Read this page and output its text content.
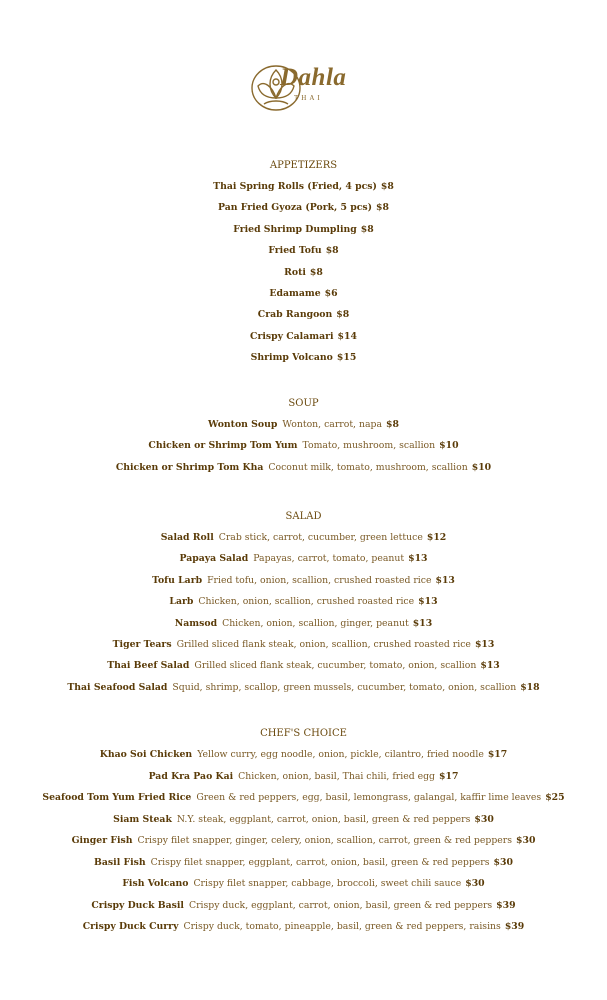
Dahla
THAI
APPETIZERS
Thai Spring Rolls (Fried, 4 pcs) $8
Pan Fried Gyoza (Pork, 5 pcs) $8
Fried Shrimp Dumpling $8
Fried Tofu $8
Roti $8
Edamame $6
Crab Rangoon $8
Crispy Calamari $14
Shrimp Volcano $15
SOUP
Wonton Soup Wonton, carrot, napa $8
Chicken or Shrimp Tom Yum Tomato, mushroom, scallion $10
Chicken or Shrimp Tom Kha Coconut milk, tomato, mushroom, scallion $10
SALAD
Salad Roll Crab stick, carrot, cucumber, green lettuce $12
Papaya Salad Papayas, carrot, tomato, peanut $13
Tofu Larb Fried tofu, onion, scallion, crushed roasted rice $13
Larb Chicken, onion, scallion, crushed roasted rice $13
Namsod Chicken, onion, scallion, ginger, peanut $13
Tiger Tears Grilled sliced flank steak, onion, scallion, crushed roasted rice $13
Thai Beef Salad Grilled sliced flank steak, cucumber, tomato, onion, scallion $13
Thai Seafood Salad Squid, shrimp, scallop, green mussels, cucumber, tomato, onion, scallion $18
CHEF'S CHOICE
Khao Soi Chicken Yellow curry, egg noodle, onion, pickle, cilantro, fried noodle $17
Pad Kra Pao Kai Chicken, onion, basil, Thai chili, fried egg $17
Seafood Tom Yum Fried Rice Green & red peppers, egg, basil, lemongrass, galangal, kaffir lime leaves $25
Siam Steak N.Y. steak, eggplant, carrot, onion, basil, green & red peppers $30
Ginger Fish Crispy filet snapper, ginger, celery, onion, scallion, carrot, green & red peppers $30
Basil Fish Crispy filet snapper, eggplant, carrot, onion, basil, green & red peppers $30
Fish Volcano Crispy filet snapper, cabbage, broccoli, sweet chili sauce $30
Crispy Duck Basil Crispy duck, eggplant, carrot, onion, basil, green & red peppers $39
Crispy Duck Curry Crispy duck, tomato, pineapple, basil, green & red peppers, raisins $39
